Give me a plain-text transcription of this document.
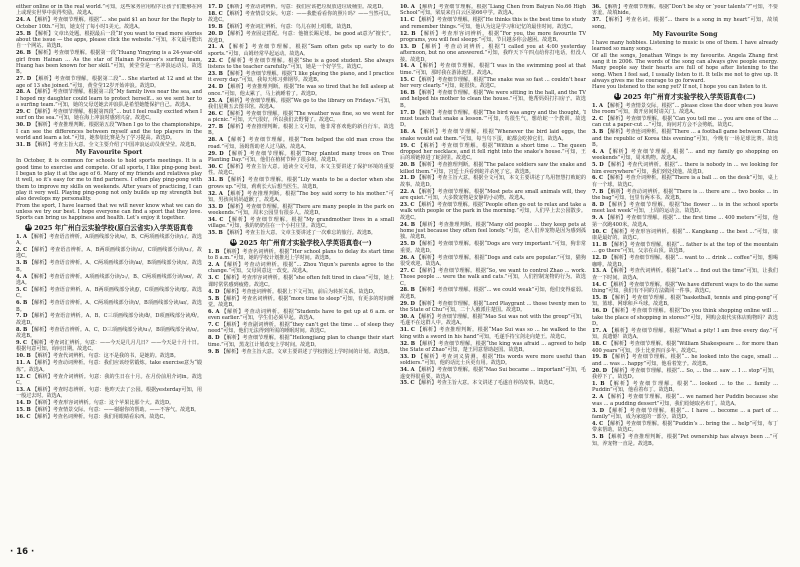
either online or in the real world.”可知，这些家务应用程序让孩子们能够在网上或现实世界中获得奖励。故选A。

24. A 【解析】考查细节理解。根据“... she paid $1 an hour for the Reply to October 10th.”可知，她支付了每小时1美元。故选A。

25. B 【解析】文章出处题。根据最后一段“If you want to read more stories about the issue — the apps, please click the website.”可知，本文最可能出自一个网站。故选B。

26. B 【解析】考查细节理解。根据第一段“Huang Yingying is a 24-year-old girl from Hainan ... As the star of Hainan Prisoner’s surfing team, Huang has been known for her skill.”可知，黄莹莹是一名冲浪运动员。故选B。

27. D 【解析】考查细节理解。根据第二段“... She started at 12 and at the age of 13 she joined.”可知，黄莹莹12岁开始冲浪。故选D。

28. A 【解析】考查细节理解。根据第三段“My family lives near the sea, and I hoped my daughter could learn to protect herself... so we sent her to a surfing team.”可知，她的父母送她去冲浪队是希望她能保护自己。故选A。

29. C 【解析】考查细节理解。根据第四段“... but I feel really excited when I surf on the sea.”可知，她在海上冲浪时感到兴奋。故选C。

30. D 【解析】考查推理判断。根据第五段“When I go to the championships, I can see the differences between myself and the top players in the world and learn a lot.”可知，她参加比赛是为了学习提高。故选D。

31. B 【解析】考查主旨大意。全文主要介绍了中国冲浪运动员黄莹莹。故选B。

My Favourite Sport

In October, it is common for schools to hold sports meetings. It is a good time to exercise and compete. Of all sports, I like ping-pong best. I began to play it at the age of 6. Many of my friends and relatives play it well, so it’s easy for me to find partners. I often play ping-pong with them to improve my skills on weekends. After years of practicing, I can play it very well. Playing ping-pong not only builds up my strength but also develops my personality.
From the sport, I have learned that we will never know what we can do unless we try our best. I hope everyone can find a sport that they love. Sports can bring us happiness and health. Let’s enjoy it together.

39 2025 年广州白云实验学校(原白云省实)入学英语真卷

1. A 【解析】考查语音辨析。A项画线部分读/e/，B、C两项画线部分读/iː/。故选A。

2. C 【解析】考查语音辨析。A、B两项画线部分读/ʌ/，C项画线部分读/uː/。故选C。

3. B 【解析】考查语音辨析。A、C两项画线部分读/aɪ/，B项画线部分读/ɪ/。故选B。

4. A 【解析】考查语音辨析。A项画线部分读/ɔː/，B、C两项画线部分读/əʊ/。故选A。

5. C 【解析】考查语音辨析。A、B两项画线部分读/ʃ/，C项画线部分读/tʃ/。故选C。

6. B 【解析】考查语音辨析。A、C两项画线部分读/ɪ/，B项画线部分读/aɪ/。故选B。

7. D 【解析】考查语音辨析。A、B、C三项画线部分读/ð/，D项画线部分读/θ/。故选D。

8. B 【解析】考查语音辨析。A、C、D三项画线部分读/uː/，B项画线部分读/ʊ/。故选B。

9. C 【解析】考查词汇辨析。句意：——今天是几月几日？——今天是十月十日。根据句意可知，询问日期。故选C。

10. B 【解析】考查代词辨析。句意：这不是我的书，是她的。故选B。

11. A 【解析】考查动词辨析。句意：我们应该经常锻炼。take exercise意为“锻炼”。故选A。

12. C 【解析】考查介词辨析。句意：我的生日在十月。在月份前用介词in。故选C。

13. A 【解析】考查时态辨析。句意：他昨天去了公园。根据yesterday可知，用一般过去时。故选A。

14. D 【解析】考查形容词辨析。句意：这个苹果比那个大。故选D。

15. B 【解析】考查情景交际。句意：——谢谢你的帮助。——不客气。故选B。

16. C 【解析】考查名词辨析。句意：我们用眼睛看东西。故选C。

17. D 【解析】考查动词辨析。句意：我们应该把垃圾放进垃圾桶里。故选D。

18. C 【解析】考查情景交际。句意：——我能看看你的照片吗？——当然可以。故选C。

19. B 【解析】考查词汇辨析。句意：鸟儿在树上唱歌。故选B。

20. D 【解析】考查固定搭配。句意：他擅长踢足球。be good at意为“擅长”。故选D。

21. A 【解析】考查细节理解。根据“Sam often gets up early to do sports.”可知，山姆经常早起运动。故选A。

22. C 【解析】考查细节理解。根据“She is a good student. She always listens to the teacher carefully.”可知，她是一个好学生。故选C。

23. B 【解析】考查细节理解。根据“I like playing the piano, and I practice it every day.”可知，我每天练习弹钢琴。故选B。

24. D 【解析】考查推理判断。根据“He was so tired that he fell asleep at once.”可知，他太累了，马上就睡着了。故选D。

25. A 【解析】考查细节理解。根据“We go to the library on Fridays.”可知，我们星期五去图书馆。故选A。

26. C 【解析】考查细节理解。根据“The weather was fine, so we went for a picnic.”可知，天气很好，所以我们去野餐了。故选C。

27. B 【解析】考查推理判断。根据上文可知，他非常喜欢他的新自行车。故选B。

28. A 【解析】考查细节理解。根据“Tom helped the old man cross the road.”可知，汤姆帮助老人过马路。故选A。

29. D 【解析】考查细节理解。根据“They planted many trees on Tree Planting Day.”可知，他们在植树节种了很多树。故选D。

30. C 【解析】考查主旨大意。通读全文可知，本文主要讲述了保护环境的重要性。故选C。

31. B 【解析】考查细节理解。根据“Lily wants to be a doctor when she grows up.”可知，莉莉长大后想当医生。故选B。

32. A 【解析】考查推理判断。根据“The boy said sorry to his mother.”可知，男孩向妈妈道歉了。故选A。

33. D 【解析】考查细节理解。根据“There are many people in the park on weekends.”可知，周末公园里有很多人。故选D。

34. C 【解析】考查细节理解。根据“My grandmother lives in a small village.”可知，我的奶奶住在一个小村庄里。故选C。

35. B 【解析】考查主旨大意。文章主要讲述了一次难忘的旅行。故选B。

40 2025 年广州育才实验学校入学英语真卷(一)

1. B 【解析】考查名词辨析。根据“Her school plans to delay its start time to 8 a.m.”可知，她的学校计划推迟上学时间。故选B。

2. A 【解析】考查动词辨析。根据“... Zhou Yiqun’s parents agree to the change.”可知，父母同意这一改变。故选A。

3. C 【解析】考查形容词辨析。根据“she often felt tired in class”可知，她上课时常常感到疲倦。故选C。

4. D 【解析】考查连词辨析。根据上下文可知，前后为转折关系。故选D。

5. B 【解析】考查名词辨析。根据“more time to sleep”可知，有更多的时间睡觉。故选B。

6. A 【解析】考查动词辨析。根据“Students have to get up at 6 a.m. or even earlier.”可知，学生们必须早起。故选A。

7. C 【解析】考查副词辨析。根据“they can’t get the time ... of sleep they need”可知，他们无法得到所需的睡眠时间。故选C。

8. D 【解析】考查细节理解。根据“Heilongjiang plan to change their start time.”可知，黑龙江计划改变上学时间。故选D。

9. B 【解析】考查主旨大意。文章主要讲述了学校推迟上学时间的计划。故选B。

10. A 【解析】考查细节理解。根据“Liang Chen from Baiyun No.66 High School”可知，梁辰来自白云区第66中学。故选A。

11. C 【解析】考查细节理解。根据“He thinks this is the best time to study and remember things.”可知，他认为这是学习和记忆的最佳时间。故选C。

12. B 【解析】考查形容词辨析。根据“For you, the more favourite TV programs, you will feel sleepy.”可知，节目越多你会越困。故选B。

13. D 【解析】考查动词辨析。根据“I called you at 4:00 yesterday afternoon, but no one answered.”可知，我昨天下午四点给你打电话，但没人接。故选D。

14. A 【解析】考查细节理解。根据“I was in the swimming pool at that time.”可知，那时我在游泳池里。故选A。

15. C 【解析】考查细节理解。根据“The snake was so fast ... couldn’t hear her very clearly.”可知，蛇很快。故选C。

16. B 【解析】考查细节理解。根据“We were sitting in the hall, and the TV and helped his mother to clean the house.”可知，他帮妈妈打扫房子。故选B。

17. D 【解析】考查细节理解。根据“The bird was angry and the thought, ‘I must teach that snake a lesson.’”可知，鸟很生气，想给蛇一个教训。故选D。

18. A 【解析】考查细节理解。根据“Whenever the bird laid eggs, the snake would eat them.”可知，每当鸟下蛋，蛇都会吃掉它们。故选A。

19. C 【解析】考查细节理解。根据“Within a short time ... The queen dropped her necklace, and it fell right into the snake’s house.”可知，王后的项链掉进了蛇洞里。故选C。

20. B 【解析】考查推理判断。根据“The palace soldiers saw the snake and killed them.”可知，宫廷士兵看到蛇并杀死了它。故选B。

21. D 【解析】考查主旨大意。根据全文可知，本文主要讲述了鸟用智慧打败蛇的故事。故选D。

22. A 【解析】考查细节理解。根据“Most pets are small animals will, they are quiet.”可知，大多数宠物是安静的小动物。故选A。

23. C 【解析】考查细节理解。根据“People often go out to relax and take a walk with people or the park in the morning.”可知，人们早上去公园散步。故选C。

24. B 【解析】考查推理判断。根据“Many old people ... they keep pets at home just because they often feel lonely.”可知，老人们养宠物是因为感到孤独。故选B。

25. D 【解析】考查细节理解。根据“Dogs are very important.”可知，狗非常重要。故选D。

26. A 【解析】考查细节理解。根据“Dogs and cats are popular.”可知，猫狗很受欢迎。故选A。

27. C 【解析】考查细节理解。根据“So, we want to control Zhao ... work. Those people ... were the walk and cats.”可知，人们控制宠物的行为。故选C。

28. B 【解析】考查细节理解。根据“... we could weak”可知，他们变得虚弱。故选B。

29. D 【解析】考查细节理解。根据“Lord Playgrant ... those twenty men to the State of Chu”可知，二十人被派往楚国。故选D。

30. A 【解析】考查细节理解。根据“Mao Sui was not with the group”可知，毛遂不在这群人中。故选A。

31. C 【解析】考查推理判断。根据“Mao Sui was so ... he walked to the king with a sword in his hand”可知，毛遂手持宝剑走向楚王。故选C。

32. B 【解析】考查细节理解。根据“the king was afraid ... agreed to help the State of Zhao”可知，楚王同意帮助赵国。故选B。

33. D 【解析】考查词义猜测。根据“His words were more useful than soldiers.”可知，他的话比士兵更有用。故选D。

34. A 【解析】考查细节理解。根据“Mao Sui became ... important”可知，毛遂变得很重要。故选A。

35. C 【解析】考查主旨大意。本文讲述了毛遂自荐的故事。故选C。

36. 【解析】考查细节理解。根据“Don’t be shy or ‘your talents’?”可知，不要害羞。故填hide。

37. 【解析】考查名词。根据“... there is a song in my heart”可知，故填song。

My Favourite Song

I have many hobbies. Listening to music is one of them. I have already learned so many songs.
Of all the songs, Jonathan Wings is my favourite. Angela Zhang first sang it in 2006. The words of the song can always give people energy. Many people say their hearts are full of hope after listening to the song. When I feel sad, I usually listen to it. It tells me not to give up. It always gives me the courage to go forward.
Have you listened to the song yet? If not, I hope you can listen to it.

41 2025 年广州育才实验学校入学英语真卷(二)

1. A 【解析】考查情景交际。根据“... please close the door when you leave the room”可知，离开房间时请关门。故选A。

2. C 【解析】考查细节理解。根据“Can you tell me ... you are one of the ... can cut a paper-cut ...”可知，询问对方会不会剪纸。故选C。

3. B 【解析】考查连词辨析。根据“There ... a football game between China and the republic of Korea this evening”可知，今晚有一场足球比赛。故选B。

4. A 【解析】考查细节理解。根据“... and my family go shopping on weekends”可知，周末购物。故选A。

5. D 【解析】考查代词辨析。根据“... there is nobody in ... we looking for him everywhere”可知，我们到处找他。故选D。

6. C 【解析】考查介词辨析。根据“There is a ball ... on the desk”可知，桌上有一个球。故选C。

7. B 【解析】考查动词辨析。根据“There is ... there are ... two books ... in the bag”可知，包里有两本书。故选B。

8. D 【解析】考查细节理解。根据“the flower ... is in the school sports meet last week”可知，上周的运动会。故选D。

9. A 【解析】考查细节理解。根据“... the first time ... 400 meters”可知，他第一次跑400米。故选A。

10. C 【解析】考查形容词辨析。根据“... Kangkang ... the best ...”可知，康康是最好的。故选C。

11. B 【解析】考查细节理解。根据“... father is at the top of the mountain ... go there”可知，父亲在山顶。故选B。

12. D 【解析】考查细节理解。根据“... want to ... drink ... coffee”可知，想喝咖啡。故选D。

13. A 【解析】考查代词辨析。根据“Let’s ... find out the time”可知，让我们查一下时间。故选A。

14. C 【解析】考查细节理解。根据“We have different ways to do the same thing”可知，我们有不同的方法做同一件事。故选C。

15. B 【解析】考查细节理解。根据“basketball, tennis and ping-pong”可知，篮球、网球和乒乓球。故选B。

16. D 【解析】考查细节理解。根据“Do you think shopping online will ... take the place of shopping in stores?”可知，网购会取代实体店购物吗？故选D。

17. A 【解析】考查细节理解。根据“What a pity! I am free every day.”可知，真遗憾！故选A。

18. C 【解析】考查细节理解。根据“William Shakespeare ... for more than 400 years”可知，莎士比亚四百多年。故选C。

19. B 【解析】考查细节理解。根据“... he looked into the cage, small ... and ... was ... happy”可知，他看着笼子。故选B。

20. D 【解析】考查细节理解。根据“... So, ... the ... saw ... I ... stop”可知，我停下了。故选D。

1. B 【解析】考查细节理解。根据“... looked ... to the ... family ... Puddin”可知，他看着布丁。故选B。

2. A 【解析】考查细节理解。根据“... we named her Puddin because she was ... a pudding dessert”可知，我们给她取名布丁。故选A。

3. D 【解析】考查细节理解。根据“... I have ... become ... a part of ... family”可知，成为家庭的一部分。故选D。

4. C 【解析】考查细节理解。根据“Puddin’s ... bring the ... help”可知，布丁带来帮助。故选C。

5. B 【解析】考查推理判断。根据“Pet ownership has always been ...”可知，养宠物一直是。故选B。

· 16 ·
